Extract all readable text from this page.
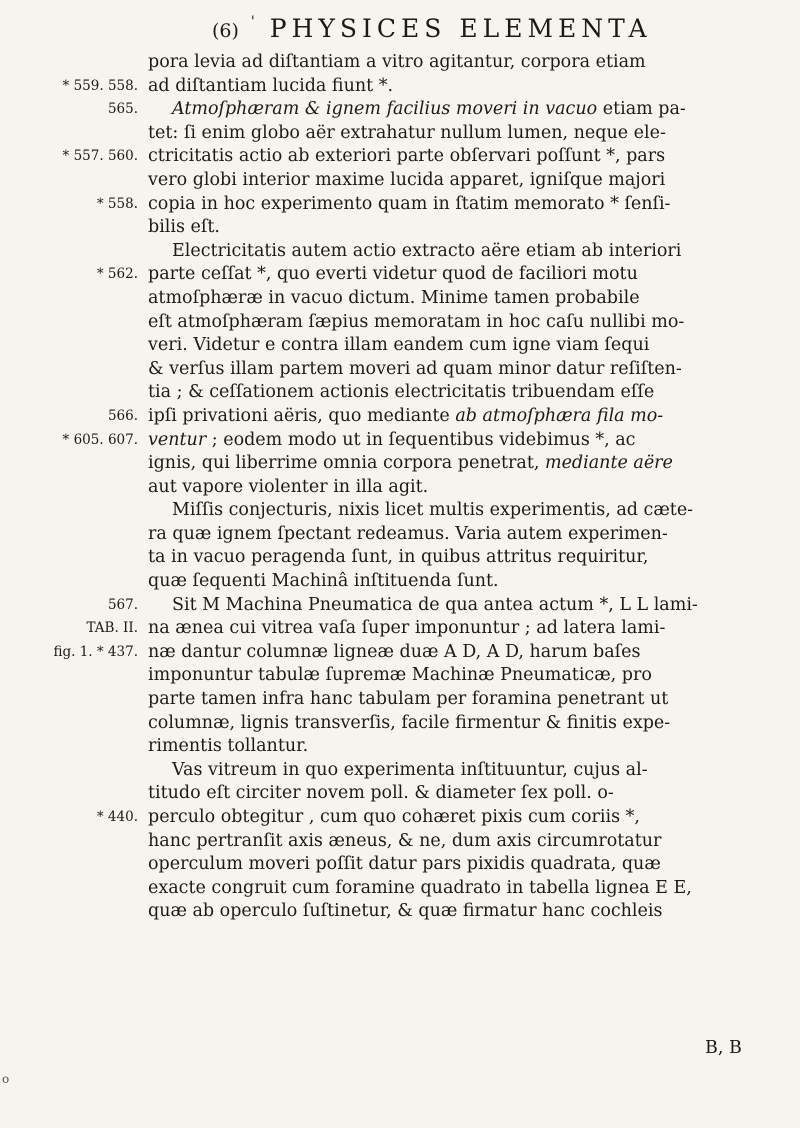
(6) ' PHYSICES ELEMENTA
pora levia ad diſtantiam a vitro agitantur, corpora etiam
* 559. 558. ad diſtantiam lucida fiunt *.
565. Atmoſphæram & ignem facilius moveri in vacuo etiam pa-
tet: ſi enim globo aër extrahatur nullum lumen, neque ele-
* 557. 560. ctricitatis actio ab exteriori parte obſervari poſſunt *, pars
vero globi interior maxime lucida apparet, igniſque majori
* 558. copia in hoc experimento quam in ſtatim memorato * ſenſi-
bilis eſt.
Electricitatis autem actio extracto aëre etiam ab interiori
* 562. parte ceſſat *, quo everti videtur quod de faciliori motu
atmoſphæræ in vacuo dictum. Minime tamen probabile
eſt atmoſphæram ſæpius memoratam in hoc caſu nullibi mo-
veri. Videtur e contra illam eandem cum igne viam ſequi
& verſus illam partem moveri ad quam minor datur reſiſten-
tia ; & ceſſationem actionis electricitatis tribuendam eſſe
566. ipſi privationi aëris, quo mediante ab atmoſphæra fila mo-
* 605. 607. ventur ; eodem modo ut in ſequentibus videbimus *, ac
ignis, qui liberrime omnia corpora penetrat, mediante aëre
aut vapore violenter in illa agit.
Miſſis conjecturis, nixis licet multis experimentis, ad cæte-
ra quæ ignem ſpectant redeamus. Varia autem experimen-
ta in vacuo peragenda ſunt, in quibus attritus requiritur,
quæ ſequenti Machinâ inſtituenda ſunt.
567. Sit M Machina Pneumatica de qua antea actum *, L L lami-
TAB. II. na ænea cui vitrea vaſa ſuper imponuntur ; ad latera lami-
fig. 1. * 437. næ dantur columnæ ligneæ duæ A D, A D, harum baſes
imponuntur tabulæ ſupremæ Machinæ Pneumaticæ, pro
parte tamen infra hanc tabulam per foramina penetrant ut
columnæ, lignis transverſis, facile firmentur & finitis expe-
rimentis tollantur.
Vas vitreum in quo experimenta inſtituuntur, cujus al-
titudo eſt circiter novem poll. & diameter ſex poll. o-
* 440. perculo obtegitur , cum quo cohæret pixis cum coriis *,
hanc pertranſit axis æneus, & ne, dum axis circumrotatur
operculum moveri poſſit datur pars pixidis quadrata, quæ
exacte congruit cum foramine quadrato in tabella lignea E E,
quæ ab operculo ſuſtinetur, & quæ firmatur hanc cochleis
B, B
o
